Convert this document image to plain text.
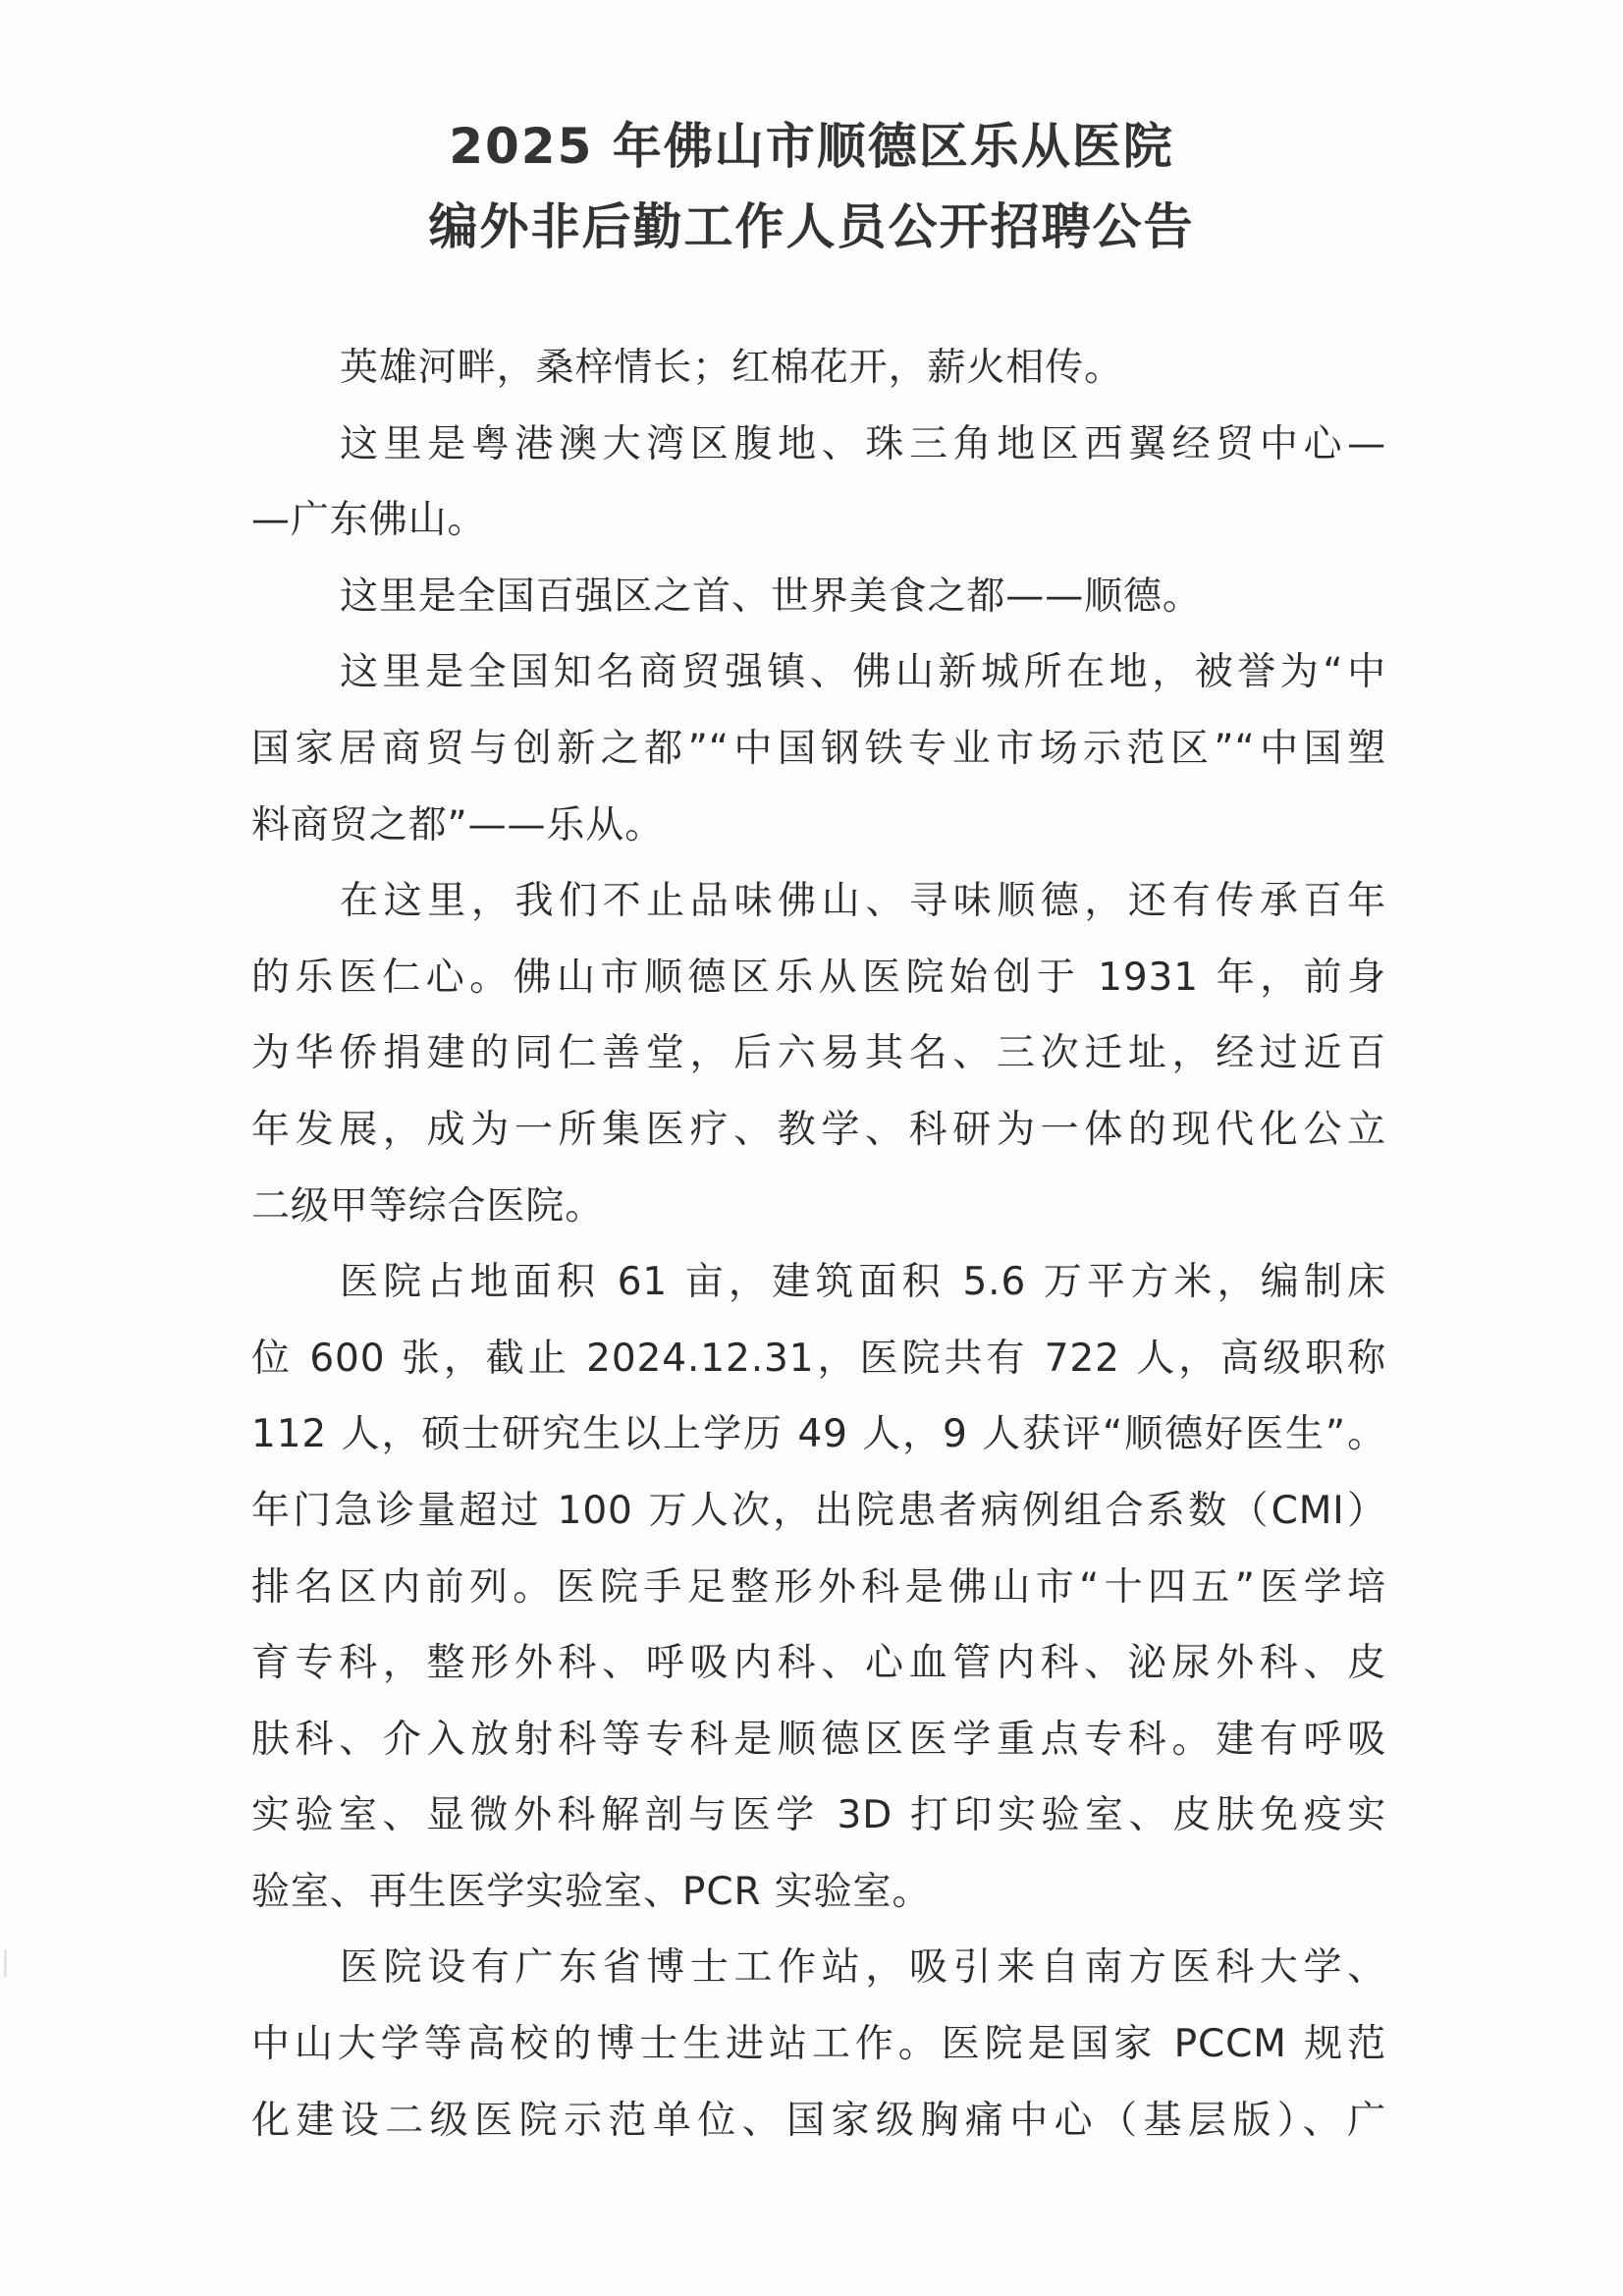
2025 年佛山市顺德区乐从医院
编外非后勤工作人员公开招聘公告
英雄河畔，桑梓情长；红棉花开，薪火相传。
这里是粤港澳大湾区腹地、珠三角地区西翼经贸中心—
—广东佛山。
这里是全国百强区之首、世界美食之都——顺德。
这里是全国知名商贸强镇、佛山新城所在地，被誉为“中
国家居商贸与创新之都”“中国钢铁专业市场示范区”“中国塑
料商贸之都”——乐从。
在这里，我们不止品味佛山、寻味顺德，还有传承百年
的乐医仁心。佛山市顺德区乐从医院始创于 1931 年，前身
为华侨捐建的同仁善堂，后六易其名、三次迁址，经过近百
年发展，成为一所集医疗、教学、科研为一体的现代化公立
二级甲等综合医院。
医院占地面积 61 亩，建筑面积 5.6 万平方米，编制床
位 600 张，截止 2024.12.31，医院共有 722 人，高级职称
112 人，硕士研究生以上学历 49 人，9 人获评“顺德好医生”。
年门急诊量超过 100 万人次，出院患者病例组合系数（CMI）
排名区内前列。医院手足整形外科是佛山市“十四五”医学培
育专科，整形外科、呼吸内科、心血管内科、泌尿外科、皮
肤科、介入放射科等专科是顺德区医学重点专科。建有呼吸
实验室、显微外科解剖与医学 3D 打印实验室、皮肤免疫实
验室、再生医学实验室、PCR 实验室。
医院设有广东省博士工作站，吸引来自南方医科大学、
中山大学等高校的博士生进站工作。医院是国家 PCCM 规范
化建设二级医院示范单位、国家级胸痛中心（基层版）、广
